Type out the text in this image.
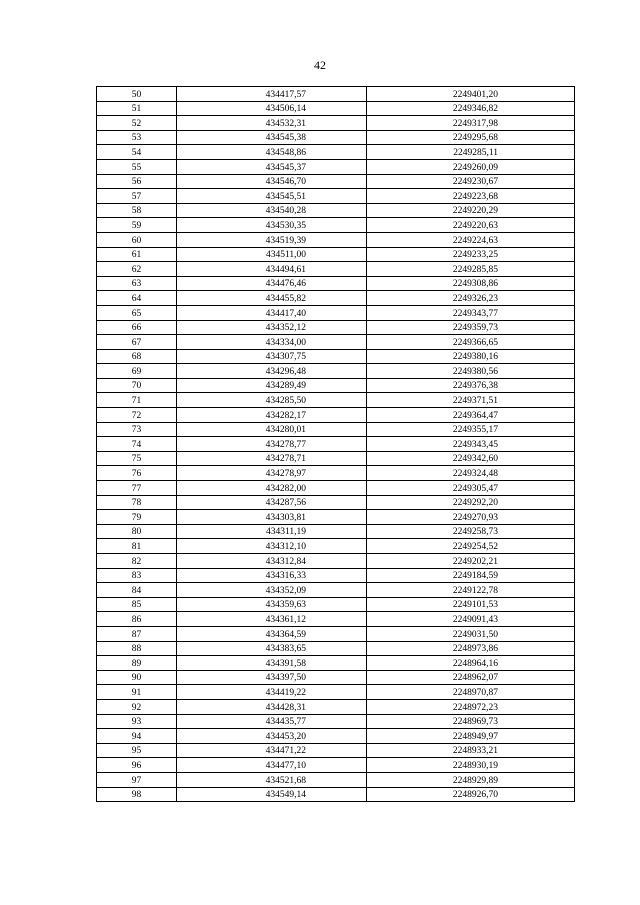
42
50	434417,57	2249401,20
51	434506,14	2249346,82
52	434532,31	2249317,98
53	434545,38	2249295,68
54	434548,86	2249285,11
55	434545,37	2249260,09
56	434546,70	2249230,67
57	434545,51	2249223,68
58	434540,28	2249220,29
59	434530,35	2249220,63
60	434519,39	2249224,63
61	434511,00	2249233,25
62	434494,61	2249285,85
63	434476,46	2249308,86
64	434455,82	2249326,23
65	434417,40	2249343,77
66	434352,12	2249359,73
67	434334,00	2249366,65
68	434307,75	2249380,16
69	434296,48	2249380,56
70	434289,49	2249376,38
71	434285,50	2249371,51
72	434282,17	2249364,47
73	434280,01	2249355,17
74	434278,77	2249343,45
75	434278,71	2249342,60
76	434278,97	2249324,48
77	434282,00	2249305,47
78	434287,56	2249292,20
79	434303,81	2249270,93
80	434311,19	2249258,73
81	434312,10	2249254,52
82	434312,84	2249202,21
83	434316,33	2249184,59
84	434352,09	2249122,78
85	434359,63	2249101,53
86	434361,12	2249091,43
87	434364,59	2249031,50
88	434383,65	2248973,86
89	434391,58	2248964,16
90	434397,50	2248962,07
91	434419,22	2248970,87
92	434428,31	2248972,23
93	434435,77	2248969,73
94	434453,20	2248949,97
95	434471,22	2248933,21
96	434477,10	2248930,19
97	434521,68	2248929,89
98	434549,14	2248926,70
